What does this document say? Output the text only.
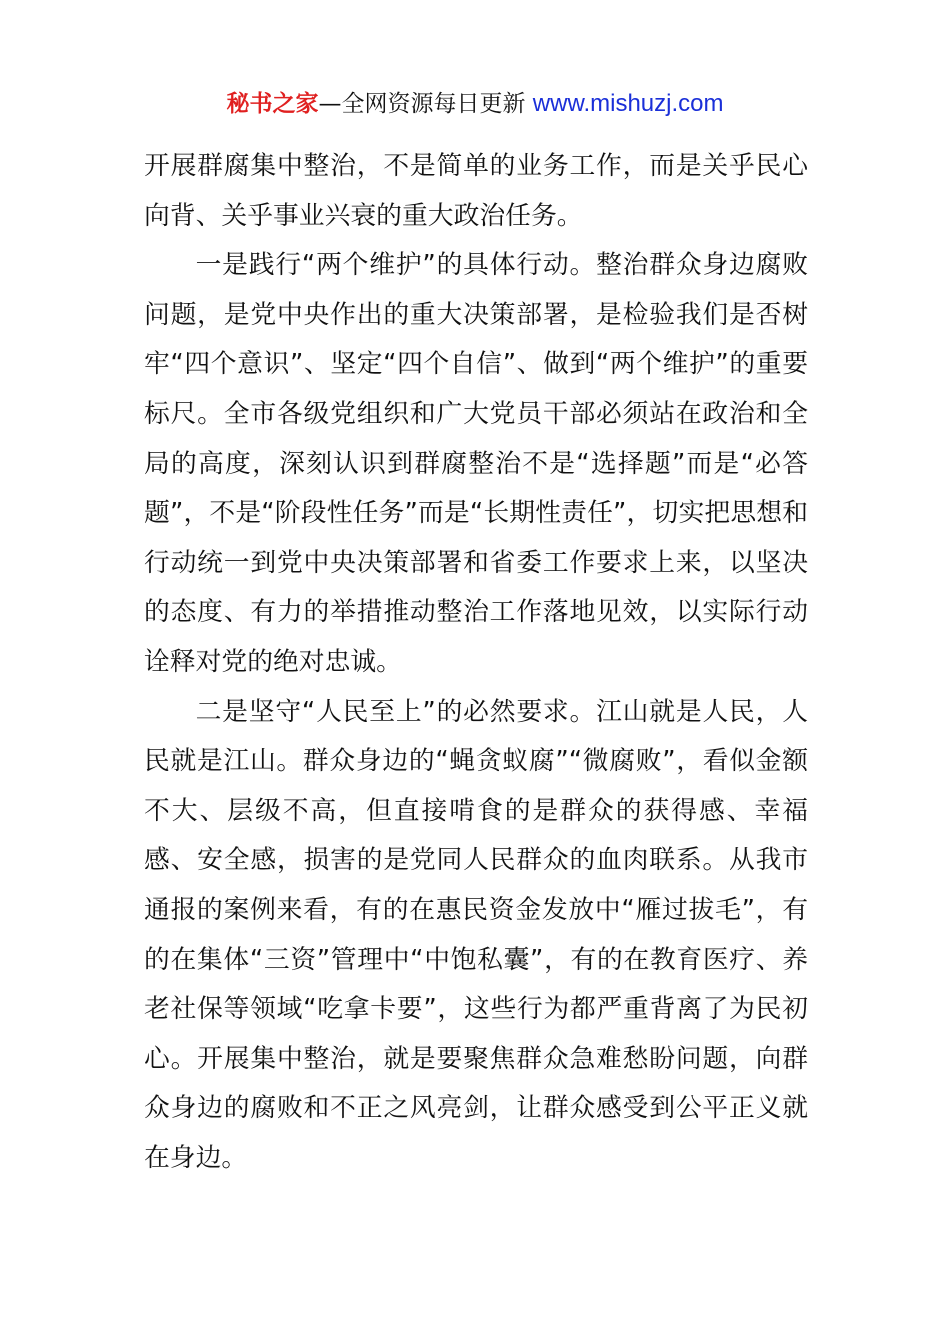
秘书之家—全网资源每日更新 www.mishuzj.com

开展群腐集中整治，不是简单的业务工作，而是关乎民心向背、关乎事业兴衰的重大政治任务。

一是践行“两个维护”的具体行动。整治群众身边腐败问题，是党中央作出的重大决策部署，是检验我们是否树牢“四个意识”、坚定“四个自信”、做到“两个维护”的重要标尺。全市各级党组织和广大党员干部必须站在政治和全局的高度，深刻认识到群腐整治不是“选择题”而是“必答题”，不是“阶段性任务”而是“长期性责任”，切实把思想和行动统一到党中央决策部署和省委工作要求上来，以坚决的态度、有力的举措推动整治工作落地见效，以实际行动诠释对党的绝对忠诚。

二是坚守“人民至上”的必然要求。江山就是人民，人民就是江山。群众身边的“蝇贪蚁腐”“微腐败”，看似金额不大、层级不高，但直接啃食的是群众的获得感、幸福感、安全感，损害的是党同人民群众的血肉联系。从我市通报的案例来看，有的在惠民资金发放中“雁过拔毛”，有的在集体“三资”管理中“中饱私囊”，有的在教育医疗、养老社保等领域“吃拿卡要”，这些行为都严重背离了为民初心。开展集中整治，就是要聚焦群众急难愁盼问题，向群众身边的腐败和不正之风亮剑，让群众感受到公平正义就在身边。
